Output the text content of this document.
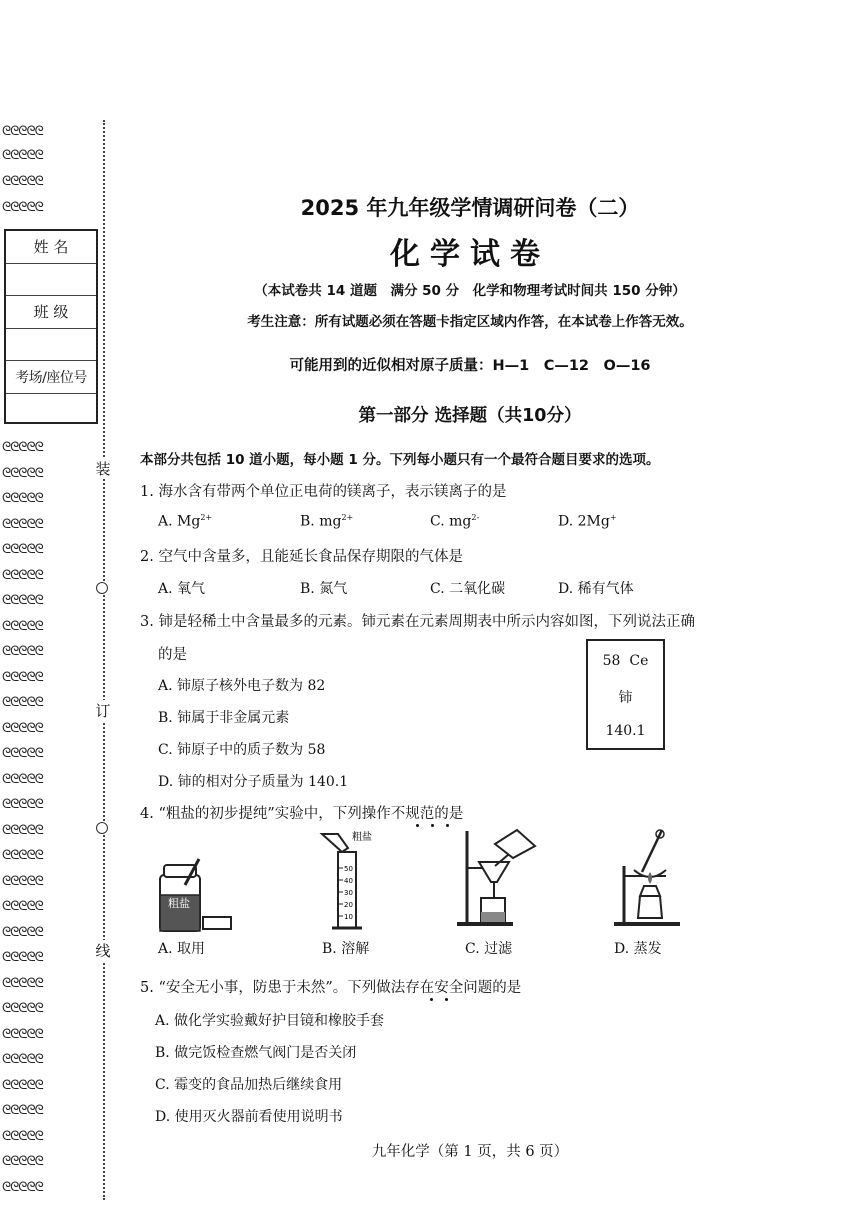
ᘓᘓᘓᘓᘓ
ᘓᘓᘓᘓᘓ
ᘓᘓᘓᘓᘓ
ᘓᘓᘓᘓᘓ
ᘓᘓᘓᘓᘓ
ᘓᘓᘓᘓᘓ
ᘓᘓᘓᘓᘓ
ᘓᘓᘓᘓᘓ
ᘓᘓᘓᘓᘓ
ᘓᘓᘓᘓᘓ
ᘓᘓᘓᘓᘓ
ᘓᘓᘓᘓᘓ
ᘓᘓᘓᘓᘓ
ᘓᘓᘓᘓᘓ
ᘓᘓᘓᘓᘓ
ᘓᘓᘓᘓᘓ
ᘓᘓᘓᘓᘓ
ᘓᘓᘓᘓᘓ
ᘓᘓᘓᘓᘓ
ᘓᘓᘓᘓᘓ
ᘓᘓᘓᘓᘓ
ᘓᘓᘓᘓᘓ
ᘓᘓᘓᘓᘓ
ᘓᘓᘓᘓᘓ
ᘓᘓᘓᘓᘓ
ᘓᘓᘓᘓᘓ
ᘓᘓᘓᘓᘓ
ᘓᘓᘓᘓᘓ
ᘓᘓᘓᘓᘓ
ᘓᘓᘓᘓᘓ
ᘓᘓᘓᘓᘓ
ᘓᘓᘓᘓᘓ
ᘓᘓᘓᘓᘓ
ᘓᘓᘓᘓᘓ
装
订
线
姓 名
班 级
考场/座位号
2025 年九年级学情调研问卷（二）
化学试卷
（本试卷共 14 道题　满分 50 分　化学和物理考试时间共 150 分钟）
考生注意：所有试题必须在答题卡指定区域内作答，在本试卷上作答无效。
可能用到的近似相对原子质量：H—1　C—12　O—16
第一部分 选择题（共10分）
本部分共包括 10 道小题，每小题 1 分。下列每小题只有一个最符合题目要求的选项。
1. 海水含有带两个单位正电荷的镁离子，表示镁离子的是
A. $Mg^{2+}$	B. $mg^{2+}$	C. $mg^{2-}$	D. 2Mg+
2. 空气中含量多，且能延长食品保存期限的气体是
A. 氧气	B. 氮气	C. 二氧化碳	D. 稀有气体
3. 铈是轻稀土中含量最多的元素。铈元素在元素周期表中所示内容如图，下列说法正确
的是
A. 铈原子核外电子数为 82
B. 铈属于非金属元素
C. 铈原子中的质子数为 58
D. 铈的相对分子质量为 140.1
58 Ce
铈
140.1
4. “粗盐的初步提纯”实验中，下列操作不规范的是
粗盐
A. 取用
50
40
30
20
10
粗盐
B. 溶解	C. 过滤	D. 蒸发
5. “安全无小事，防患于未然”。下列做法存在安全问题的是
A. 做化学实验戴好护目镜和橡胶手套
B. 做完饭检查燃气阀门是否关闭
C. 霉变的食品加热后继续食用
D. 使用灭火器前看使用说明书
九年化学（第 1 页，共 6 页）
